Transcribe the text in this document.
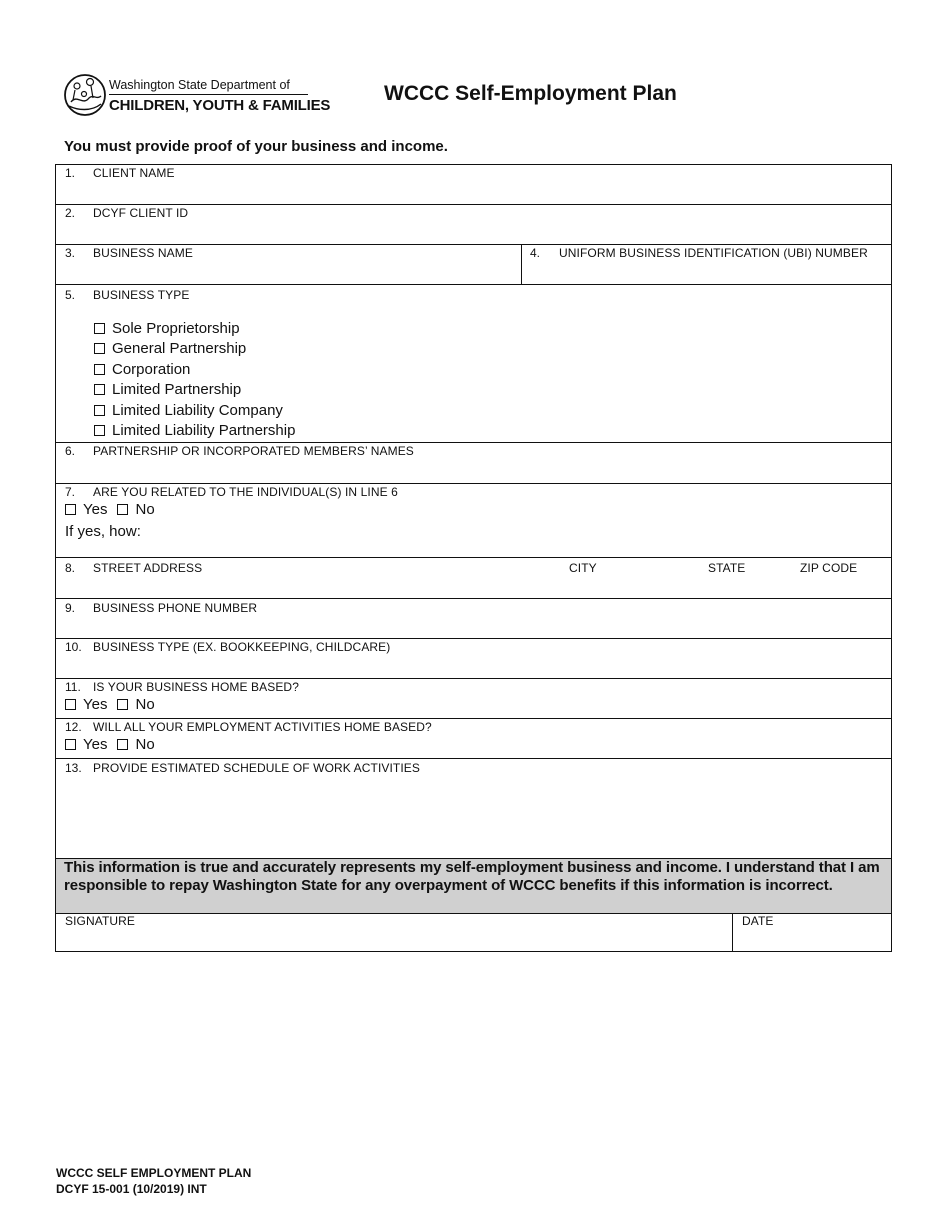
Washington State Department of
CHILDREN, YOUTH & FAMILIES
WCCC Self-Employment Plan
You must provide proof of your business and income.
1. CLIENT NAME
2. DCYF CLIENT ID
3. BUSINESS NAME	4. UNIFORM BUSINESS IDENTIFICATION (UBI) NUMBER
5. BUSINESS TYPE
Sole Proprietorship
General Partnership
Corporation
Limited Partnership
Limited Liability Company
Limited Liability Partnership
6. PARTNERSHIP OR INCORPORATED MEMBERS’ NAMES
7. ARE YOU RELATED TO THE INDIVIDUAL(S) IN LINE 6
Yes No
If yes, how:
8. STREET ADDRESS	CITY	STATE	ZIP CODE
9. BUSINESS PHONE NUMBER
10. BUSINESS TYPE (EX. BOOKKEEPING, CHILDCARE)
11. IS YOUR BUSINESS HOME BASED?
Yes No
12. WILL ALL YOUR EMPLOYMENT ACTIVITIES HOME BASED?
Yes No
13. PROVIDE ESTIMATED SCHEDULE OF WORK ACTIVITIES
This information is true and accurately represents my self-employment business and income. I understand that I am responsible to repay Washington State for any overpayment of WCCC benefits if this information is incorrect.
SIGNATURE	DATE
WCCC SELF EMPLOYMENT PLAN
DCYF 15-001 (10/2019) INT
